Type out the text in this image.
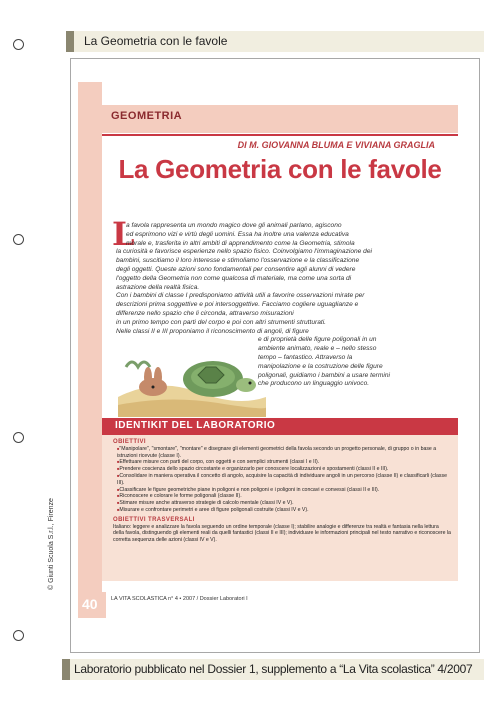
La Geometria con le favole
GEOMETRIA
DI M. GIOVANNA BLUMA E VIVIANA GRAGLIA
La Geometria con le favole
L

a favola rappresenta un mondo magico dove gli animali parlano, agiscono

ed esprimono vizi e virtù degli uomini. Essa ha inoltre una valenza educativa

morale e, trasferita in altri ambiti di apprendimento come la Geometria, stimola

la curiosità e favorisce esperienze nello spazio fisico. Coinvolgiamo l'immaginazione dei

bambini, suscitiamo il loro interesse e stimoliamo l'osservazione e la classificazione

degli oggetti. Queste azioni sono fondamentali per consentire agli alunni di vedere

l'oggetto della Geometria non come qualcosa di materiale, ma come una sorta di

astrazione della realtà fisica.

Con i bambini di classe I predisponiamo attività utili a favorire osservazioni mirate per

descrizioni prima soggettive e poi intersoggettive. Facciamo cogliere uguaglianze e

differenze nello spazio che li circonda, attraverso misurazioni

in un primo tempo con parti del corpo e poi con altri strumenti strutturati.

Nelle classi II e III proponiamo il riconoscimento di angoli, di figure

e di proprietà delle figure poligonali in un

ambiente animato, reale e – nello stesso

tempo – fantastico. Attraverso la

manipolazione e la costruzione delle figure

poligonali, guidiamo i bambini a usare termini

che producono un linguaggio univoco.

IDENTIKIT DEL LABORATORIO
OBIETTIVI
■ "Manipolare", "smontare", "montare" e disegnare gli elementi geometrici della favola secondo un progetto personale, di gruppo o in base a istruzioni ricevute (classe I).
■ Effettuare misure con parti del corpo, con oggetti e con semplici strumenti (classi I e II).
■ Prendere coscienza dello spazio circostante e organizzarlo per conoscere localizzazioni e spostamenti (classi II e III).
■ Consolidare in maniera operativa il concetto di angolo, acquisire la capacità di individuare angoli in un percorso (classe II) e classificarli (classe III).
■ Classificare le figure geometriche piane in poligoni e non poligoni e i poligoni in concavi e convessi (classi II e III).
■ Riconoscere e colorare le forme poligonali (classe II).
■ Stimare misure anche attraverso strategie di calcolo mentale (classi IV e V).
■ Misurare e confrontare perimetri e aree di figure poligonali costruite (classi IV e V).
OBIETTIVI TRASVERSALI
Italiano: leggere e analizzare la favola seguendo un ordine temporale (classe I); stabilire analogie e differenze tra realtà e fantasia nella lettura della favola, distinguendo gli elementi reali da quelli fantastici (classi II e III); individuare le informazioni principali nel testo narrativo e riconoscere la corretta sequenza delle azioni (classi IV e V).
40 LA VITA SCOLASTICA n° 4 • 2007 / Dossier Laboratori I
© Giunti Scuola S.r.l., Firenze
Laboratorio pubblicato nel Dossier 1, supplemento a “La Vita scolastica” 4/2007
